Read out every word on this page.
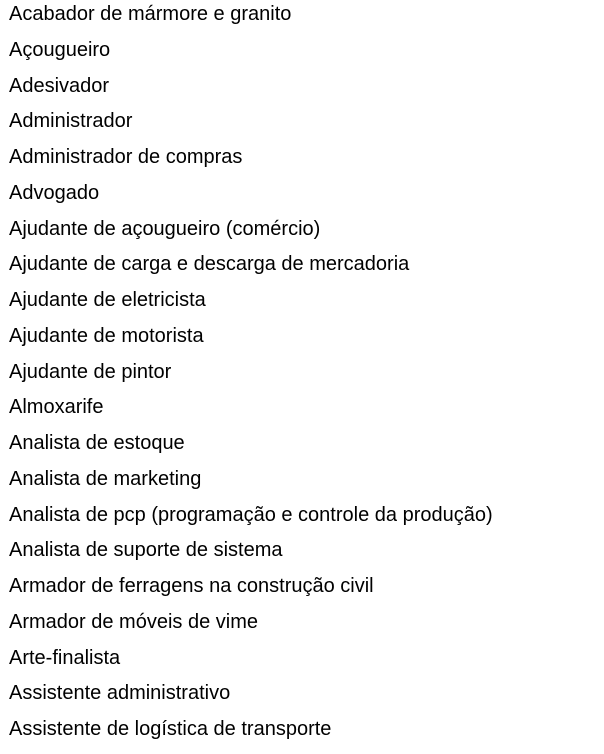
Acabador de mármore e granito
Açougueiro
Adesivador
Administrador
Administrador de compras
Advogado
Ajudante de açougueiro (comércio)
Ajudante de carga e descarga de mercadoria
Ajudante de eletricista
Ajudante de motorista
Ajudante de pintor
Almoxarife
Analista de estoque
Analista de marketing
Analista de pcp (programação e controle da produção)
Analista de suporte de sistema
Armador de ferragens na construção civil
Armador de móveis de vime
Arte-finalista
Assistente administrativo
Assistente de logística de transporte
